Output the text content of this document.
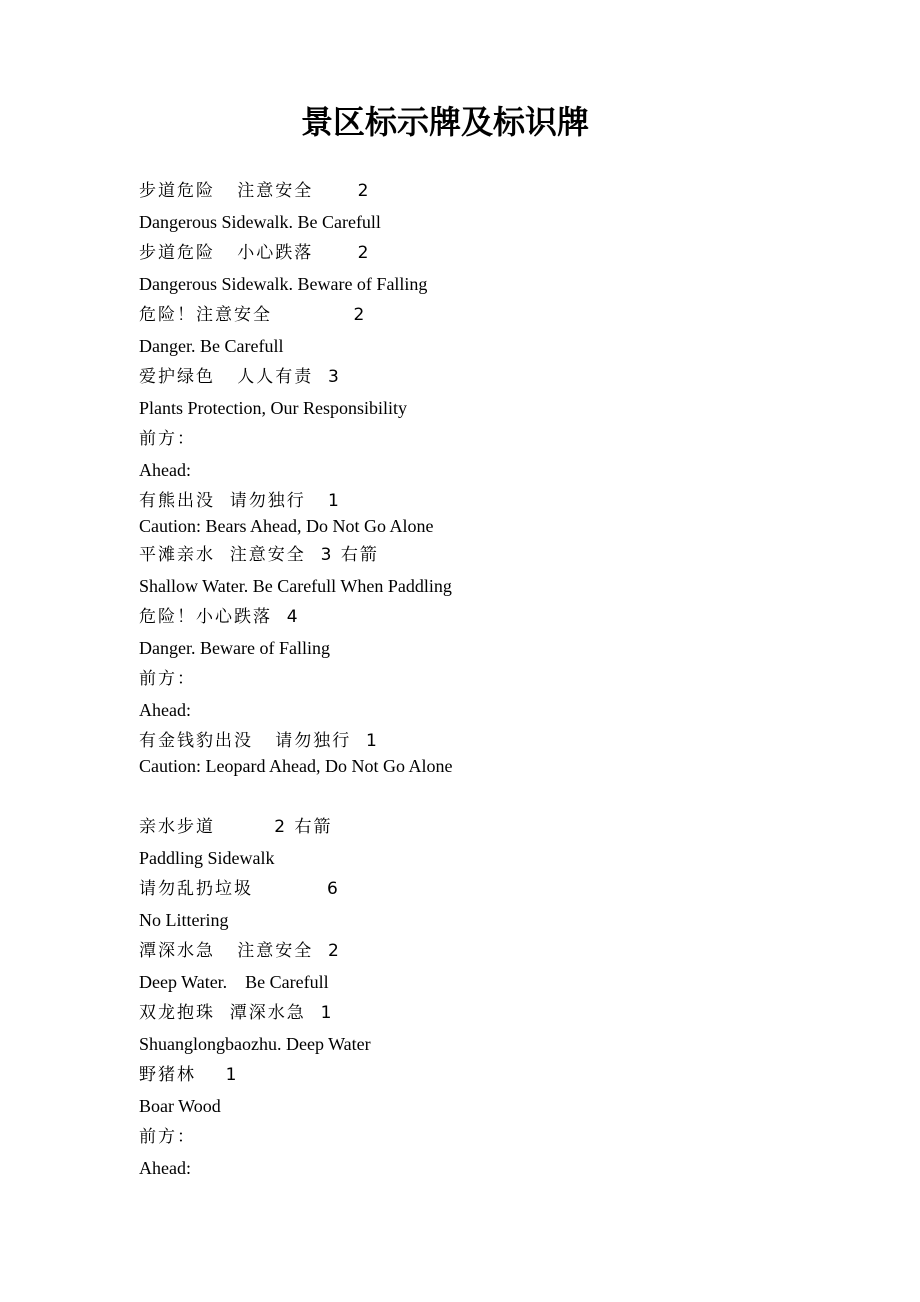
景区标示牌及标识牌
步道危险   注意安全      2
Dangerous Sidewalk. Be Carefull
步道危险   小心跌落      2
Dangerous Sidewalk. Beware of Falling
危险！注意安全           2
Danger. Be Carefull
爱护绿色   人人有责  3
Plants Protection, Our Responsibility
前方：
Ahead:
有熊出没  请勿独行   1
Caution: Bears Ahead, Do Not Go Alone
平滩亲水  注意安全  3 右箭
Shallow Water. Be Carefull When Paddling
危险！小心跌落  4
Danger. Beware of Falling
前方：
Ahead:
有金钱豹出没   请勿独行  1
Caution: Leopard Ahead, Do Not Go Alone
亲水步道        2 右箭
Paddling Sidewalk
请勿乱扔垃圾          6
No Littering
潭深水急   注意安全  2
Deep Water.    Be Carefull
双龙抱珠  潭深水急  1
Shuanglongbaozhu. Deep Water
野猪林    1
Boar Wood
前方：
Ahead:
